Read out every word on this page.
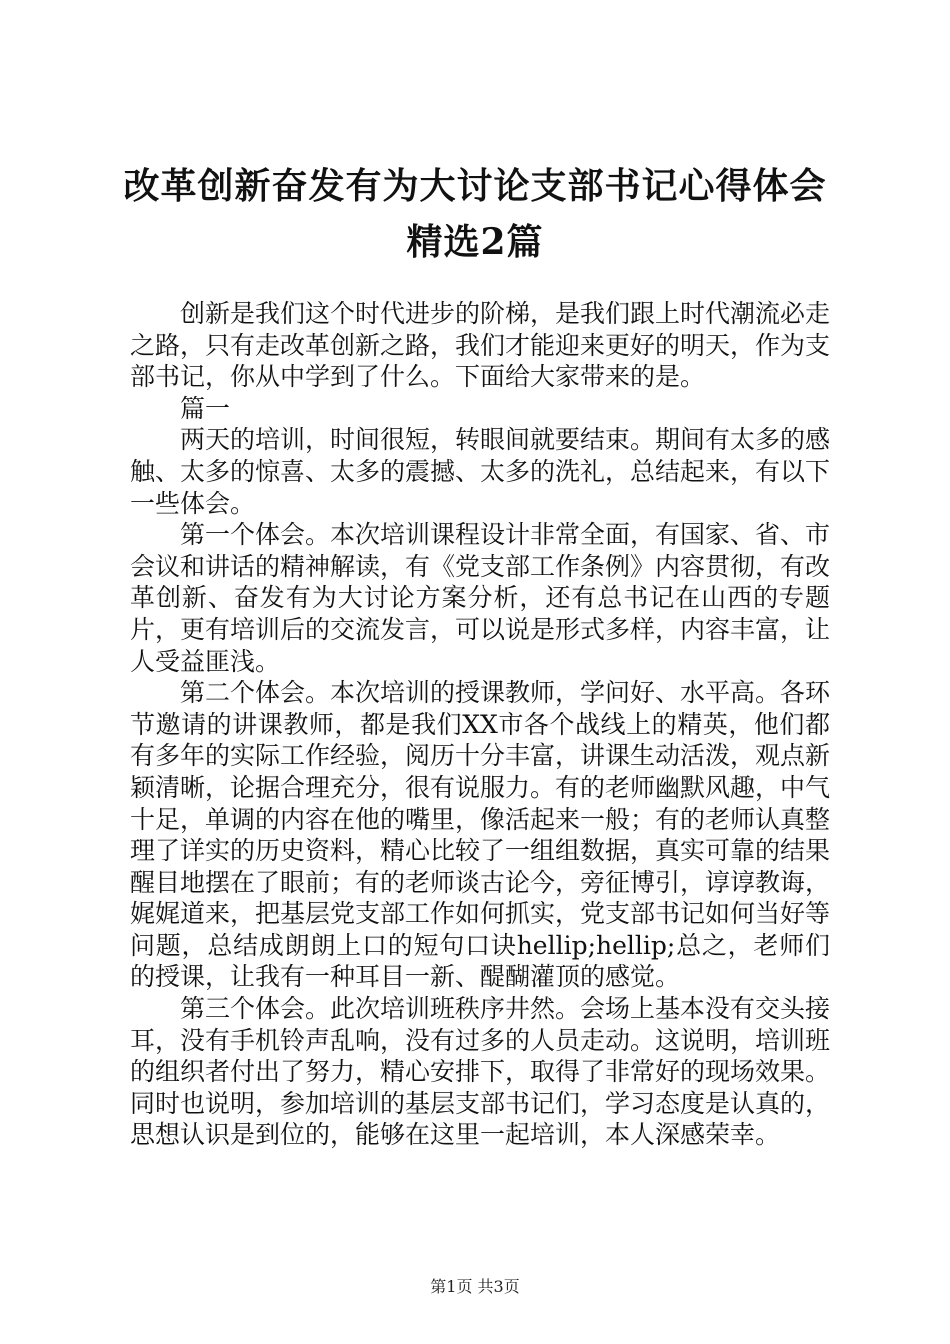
改革创新奋发有为大讨论支部书记心得体会精选2篇

创新是我们这个时代进步的阶梯，是我们跟上时代潮流必走之路，只有走改革创新之路，我们才能迎来更好的明天，作为支部书记，你从中学到了什么。下面给大家带来的是。

篇一

两天的培训，时间很短，转眼间就要结束。期间有太多的感触、太多的惊喜、太多的震撼、太多的洗礼，总结起来，有以下一些体会。

第一个体会。本次培训课程设计非常全面，有国家、省、市会议和讲话的精神解读，有《党支部工作条例》内容贯彻，有改革创新、奋发有为大讨论方案分析，还有总书记在山西的专题片，更有培训后的交流发言，可以说是形式多样，内容丰富，让人受益匪浅。

第二个体会。本次培训的授课教师，学问好、水平高。各环节邀请的讲课教师，都是我们XX市各个战线上的精英，他们都有多年的实际工作经验，阅历十分丰富，讲课生动活泼，观点新颖清晰，论据合理充分，很有说服力。有的老师幽默风趣，中气十足，单调的内容在他的嘴里，像活起来一般；有的老师认真整理了详实的历史资料，精心比较了一组组数据，真实可靠的结果醒目地摆在了眼前；有的老师谈古论今，旁征博引，谆谆教诲，娓娓道来，把基层党支部工作如何抓实，党支部书记如何当好等问题，总结成朗朗上口的短句口诀hellip;hellip;总之，老师们的授课，让我有一种耳目一新、醍醐灌顶的感觉。

第三个体会。此次培训班秩序井然。会场上基本没有交头接耳，没有手机铃声乱响，没有过多的人员走动。这说明，培训班的组织者付出了努力，精心安排下，取得了非常好的现场效果。同时也说明，参加培训的基层支部书记们，学习态度是认真的，思想认识是到位的，能够在这里一起培训，本人深感荣幸。

第1页 共3页
